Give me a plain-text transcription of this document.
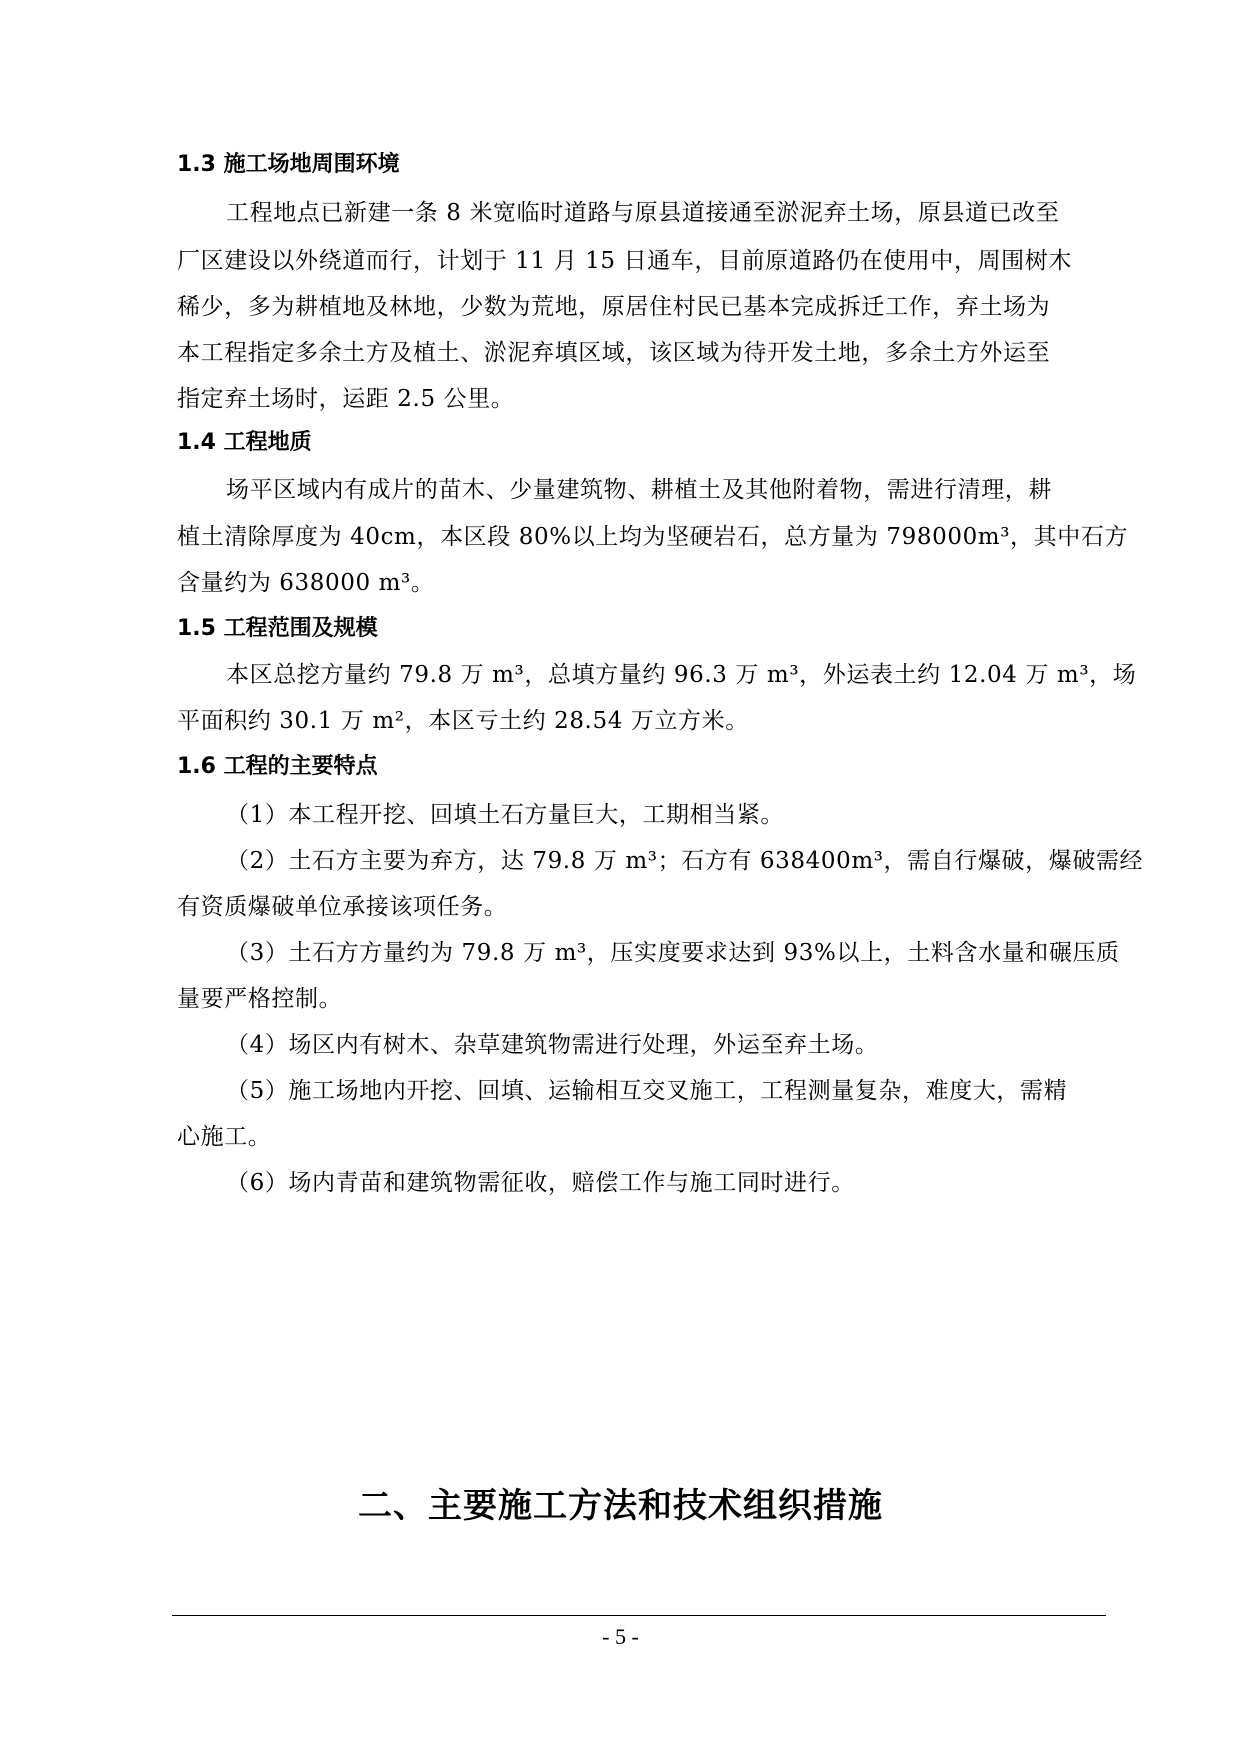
1.3 施工场地周围环境
工程地点已新建一条 8 米宽临时道路与原县道接通至淤泥弃土场，原县道已改至
厂区建设以外绕道而行，计划于 11 月 15 日通车，目前原道路仍在使用中，周围树木
稀少，多为耕植地及林地，少数为荒地，原居住村民已基本完成拆迁工作，弃土场为
本工程指定多余土方及植土、淤泥弃填区域，该区域为待开发土地，多余土方外运至
指定弃土场时，运距 2.5 公里。
1.4 工程地质
场平区域内有成片的苗木、少量建筑物、耕植土及其他附着物，需进行清理，耕
植土清除厚度为 40cm，本区段 80%以上均为坚硬岩石，总方量为 798000m³，其中石方
含量约为 638000 m³。
1.5 工程范围及规模
本区总挖方量约 79.8 万 m³，总填方量约 96.3 万 m³，外运表土约 12.04 万 m³，场
平面积约 30.1 万 m²，本区亏土约 28.54 万立方米。
1.6 工程的主要特点
（1）本工程开挖、回填土石方量巨大，工期相当紧。
（2）土石方主要为弃方，达 79.8 万 m³；石方有 638400m³，需自行爆破，爆破需经
有资质爆破单位承接该项任务。
（3）土石方方量约为 79.8 万 m³，压实度要求达到 93%以上，土料含水量和碾压质
量要严格控制。
（4）场区内有树木、杂草建筑物需进行处理，外运至弃土场。
（5）施工场地内开挖、回填、运输相互交叉施工，工程测量复杂，难度大，需精
心施工。
（6）场内青苗和建筑物需征收，赔偿工作与施工同时进行。
二、主要施工方法和技术组织措施
- 5 -
